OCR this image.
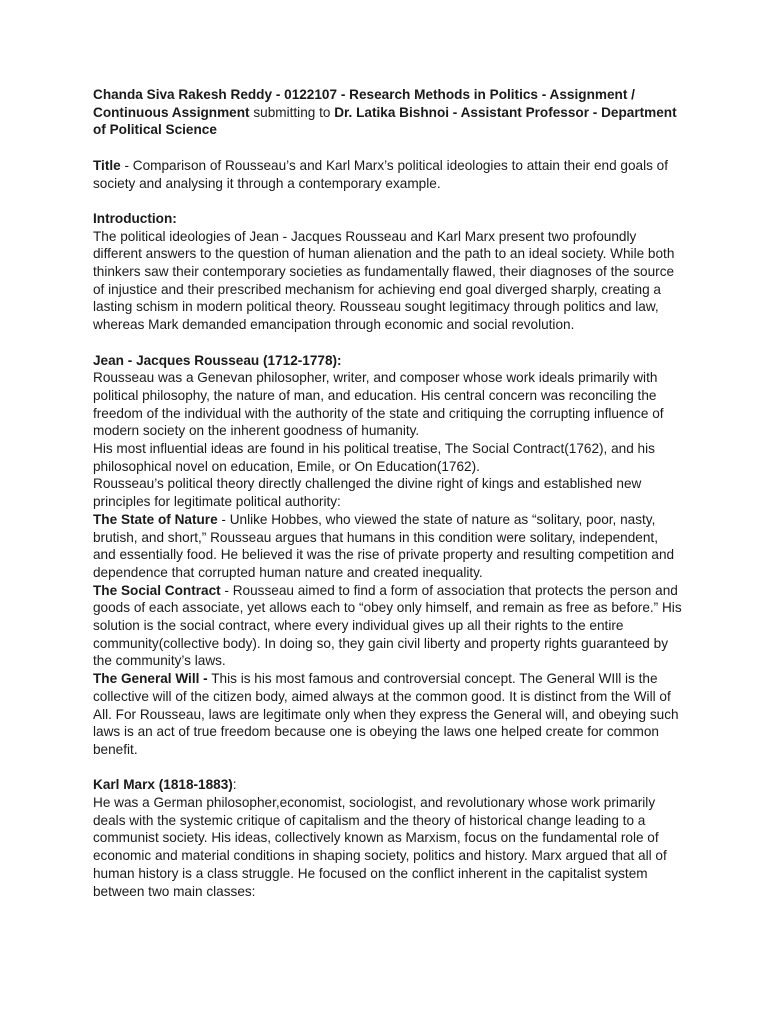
Chanda Siva Rakesh Reddy - 0122107 - Research Methods in Politics - Assignment / Continuous Assignment submitting to Dr. Latika Bishnoi - Assistant Professor - Department of Political Science

Title - Comparison of Rousseau’s and Karl Marx’s political ideologies to attain their end goals of society and analysing it through a contemporary example.

Introduction:

The political ideologies of Jean - Jacques Rousseau and Karl Marx present two profoundly different answers to the question of human alienation and the path to an ideal society. While both thinkers saw their contemporary societies as fundamentally flawed, their diagnoses of the source of injustice and their prescribed mechanism for achieving end goal diverged sharply, creating a lasting schism in modern political theory. Rousseau sought legitimacy through politics and law, whereas Mark demanded emancipation through economic and social revolution.

Jean - Jacques Rousseau (1712-1778):

Rousseau was a Genevan philosopher, writer, and composer whose work ideals primarily with political philosophy, the nature of man, and education. His central concern was reconciling the freedom of the individual with the authority of the state and critiquing the corrupting influence of modern society on the inherent goodness of humanity.

His most influential ideas are found in his political treatise, The Social Contract(1762), and his philosophical novel on education, Emile, or On Education(1762).

Rousseau’s political theory directly challenged the divine right of kings and established new principles for legitimate political authority:

The State of Nature - Unlike Hobbes, who viewed the state of nature as “solitary, poor, nasty, brutish, and short,” Rousseau argues that humans in this condition were solitary, independent, and essentially food. He believed it was the rise of private property and resulting competition and dependence that corrupted human nature and created inequality.

The Social Contract - Rousseau aimed to find a form of association that protects the person and goods of each associate, yet allows each to “obey only himself, and remain as free as before.” His solution is the social contract, where every individual gives up all their rights to the entire community(collective body). In doing so, they gain civil liberty and property rights guaranteed by the community’s laws.

The General Will - This is his most famous and controversial concept. The General WIll is the collective will of the citizen body, aimed always at the common good. It is distinct from the Will of All. For Rousseau, laws are legitimate only when they express the General will, and obeying such laws is an act of true freedom because one is obeying the laws one helped create for common benefit.

Karl Marx (1818-1883):

He was a German philosopher,economist, sociologist, and revolutionary whose work primarily deals with the systemic critique of capitalism and the theory of historical change leading to a communist society. His ideas, collectively known as Marxism, focus on the fundamental role of economic and material conditions in shaping society, politics and history. Marx argued that all of human history is a class struggle. He focused on the conflict inherent in the capitalist system between two main classes:
